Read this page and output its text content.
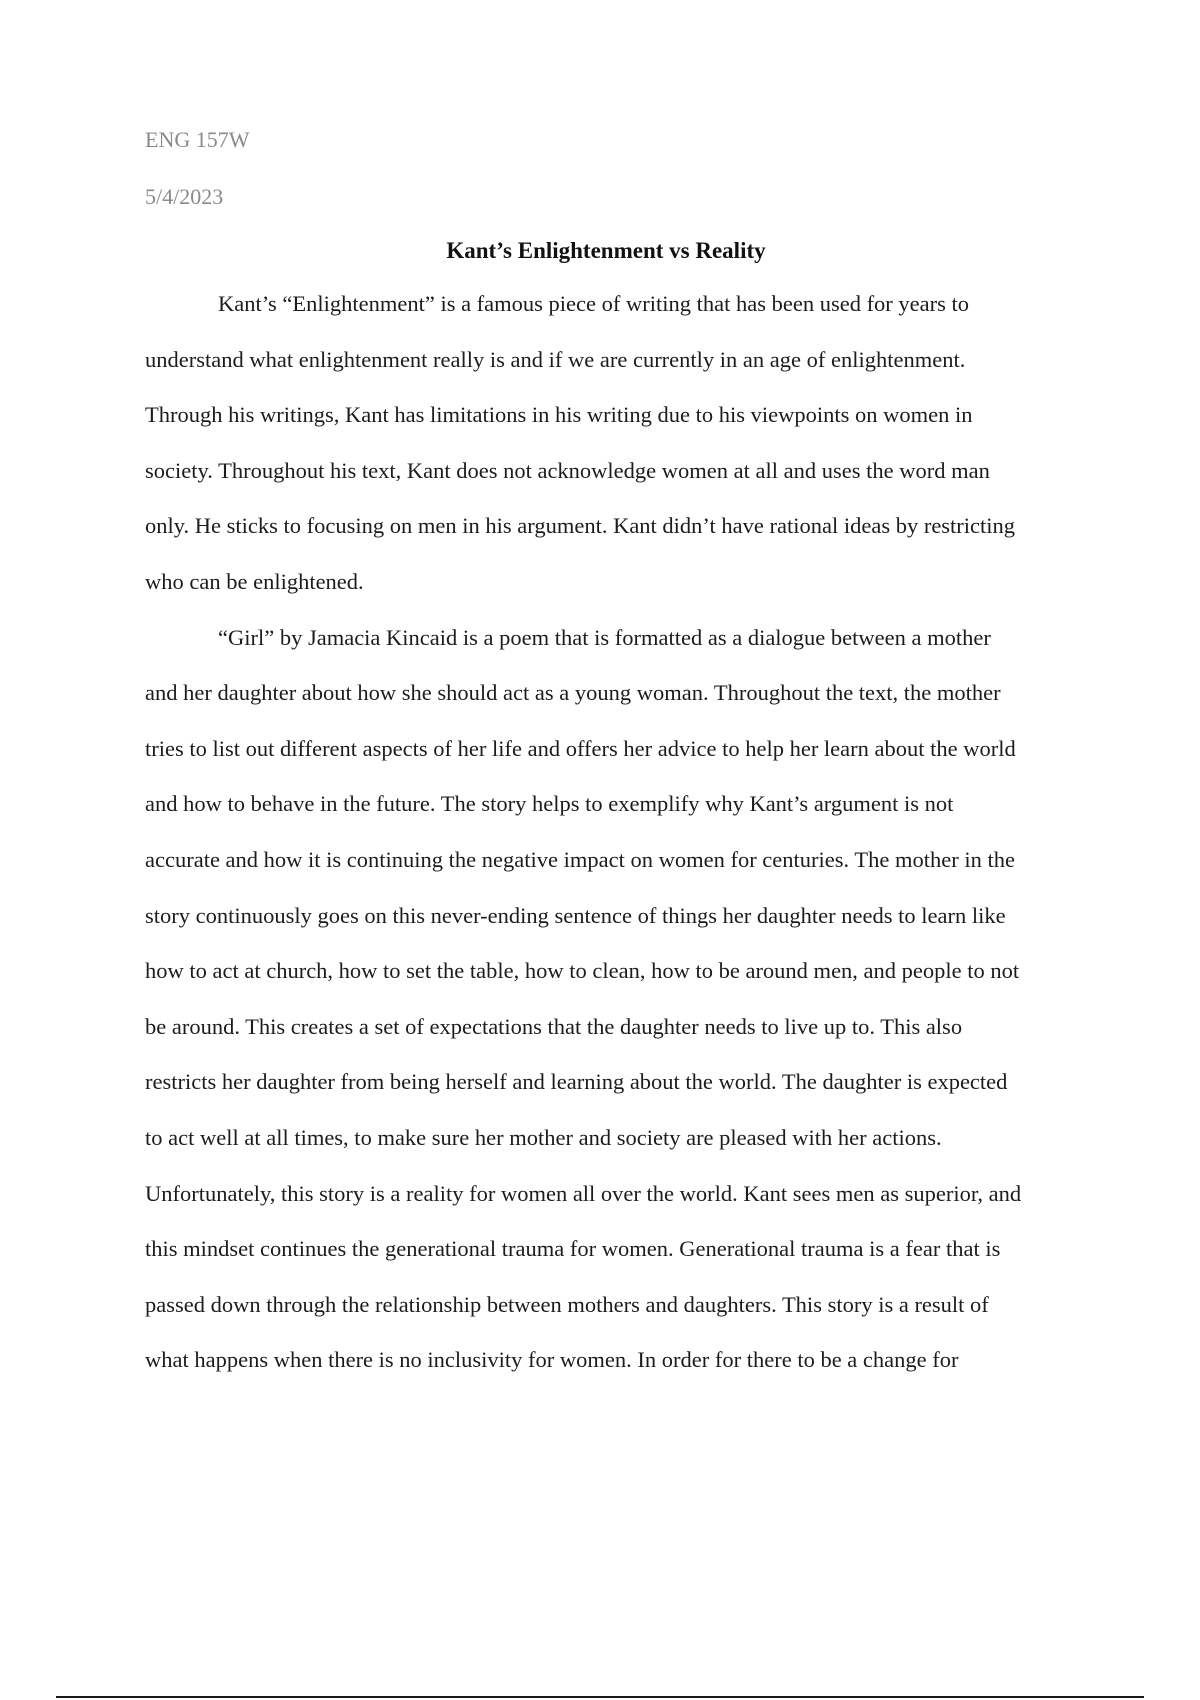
ENG 157W
5/4/2023
Kant’s Enlightenment vs Reality
Kant’s “Enlightenment” is a famous piece of writing that has been used for years to
understand what enlightenment really is and if we are currently in an age of enlightenment.
Through his writings, Kant has limitations in his writing due to his viewpoints on women in
society. Throughout his text, Kant does not acknowledge women at all and uses the word man
only. He sticks to focusing on men in his argument. Kant didn’t have rational ideas by restricting
who can be enlightened.
“Girl” by Jamacia Kincaid is a poem that is formatted as a dialogue between a mother
and her daughter about how she should act as a young woman. Throughout the text, the mother
tries to list out different aspects of her life and offers her advice to help her learn about the world
and how to behave in the future. The story helps to exemplify why Kant’s argument is not
accurate and how it is continuing the negative impact on women for centuries. The mother in the
story continuously goes on this never-ending sentence of things her daughter needs to learn like
how to act at church, how to set the table, how to clean, how to be around men, and people to not
be around. This creates a set of expectations that the daughter needs to live up to. This also
restricts her daughter from being herself and learning about the world. The daughter is expected
to act well at all times, to make sure her mother and society are pleased with her actions.
Unfortunately, this story is a reality for women all over the world. Kant sees men as superior, and
this mindset continues the generational trauma for women. Generational trauma is a fear that is
passed down through the relationship between mothers and daughters. This story is a result of
what happens when there is no inclusivity for women. In order for there to be a change for
